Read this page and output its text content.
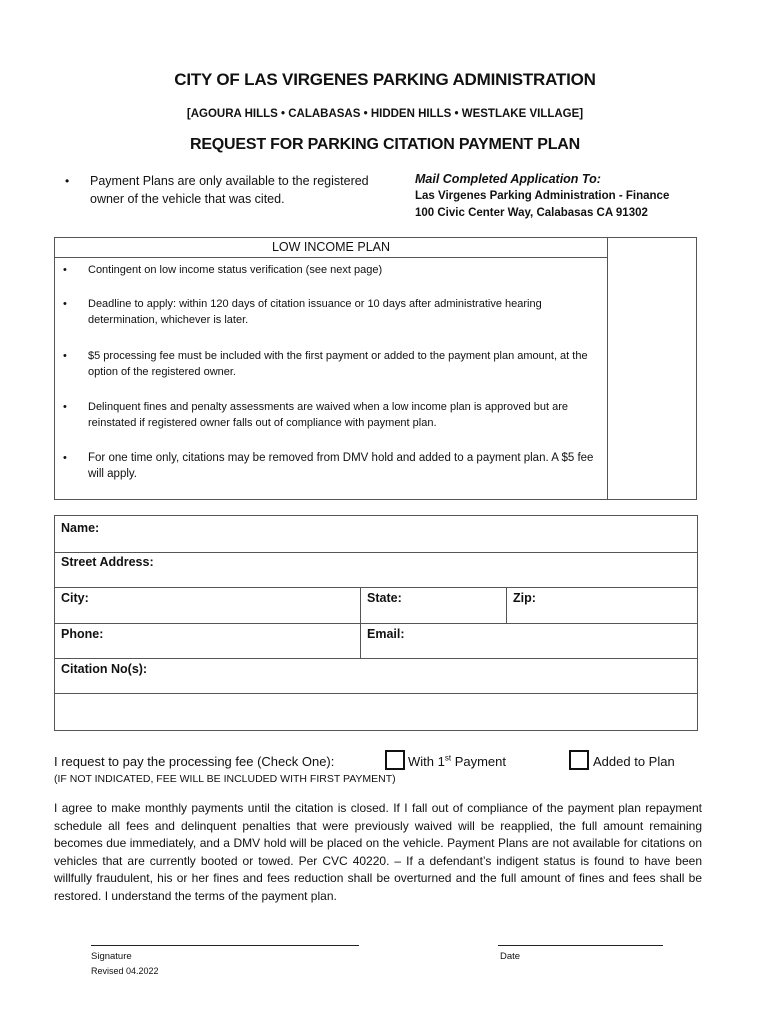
CITY OF LAS VIRGENES PARKING ADMINISTRATION
[AGOURA HILLS • CALABASAS • HIDDEN HILLS • WESTLAKE VILLAGE]
REQUEST FOR PARKING CITATION PAYMENT PLAN
• Payment Plans are only available to the registered owner of the vehicle that was cited.
Mail Completed Application To:
Las Virgenes Parking Administration - Finance
100 Civic Center Way, Calabasas CA 91302
LOW INCOME PLAN
• Contingent on low income status verification (see next page)
• Deadline to apply: within 120 days of citation issuance or 10 days after administrative hearing determination, whichever is later.
• $5 processing fee must be included with the first payment or added to the payment plan amount, at the option of the registered owner.
• Delinquent fines and penalty assessments are waived when a low income plan is approved but are reinstated if registered owner falls out of compliance with payment plan.
• For one time only, citations may be removed from DMV hold and added to a payment plan. A $5 fee will apply.
Name:
Street Address:
City:	State:	Zip:
Phone:	Email:
Citation No(s):
I request to pay the processing fee (Check One):	With 1st Payment	Added to Plan
(IF NOT INDICATED, FEE WILL BE INCLUDED WITH FIRST PAYMENT)
I agree to make monthly payments until the citation is closed. If I fall out of compliance of the payment plan repayment schedule all fees and delinquent penalties that were previously waived will be reapplied, the full amount remaining becomes due immediately, and a DMV hold will be placed on the vehicle. Payment Plans are not available for citations on vehicles that are currently booted or towed. Per CVC 40220. – If a defendant’s indigent status is found to have been willfully fraudulent, his or her fines and fees reduction shall be overturned and the full amount of fines and fees shall be restored. I understand the terms of the payment plan.
Signature
Revised 04.2022
Date
